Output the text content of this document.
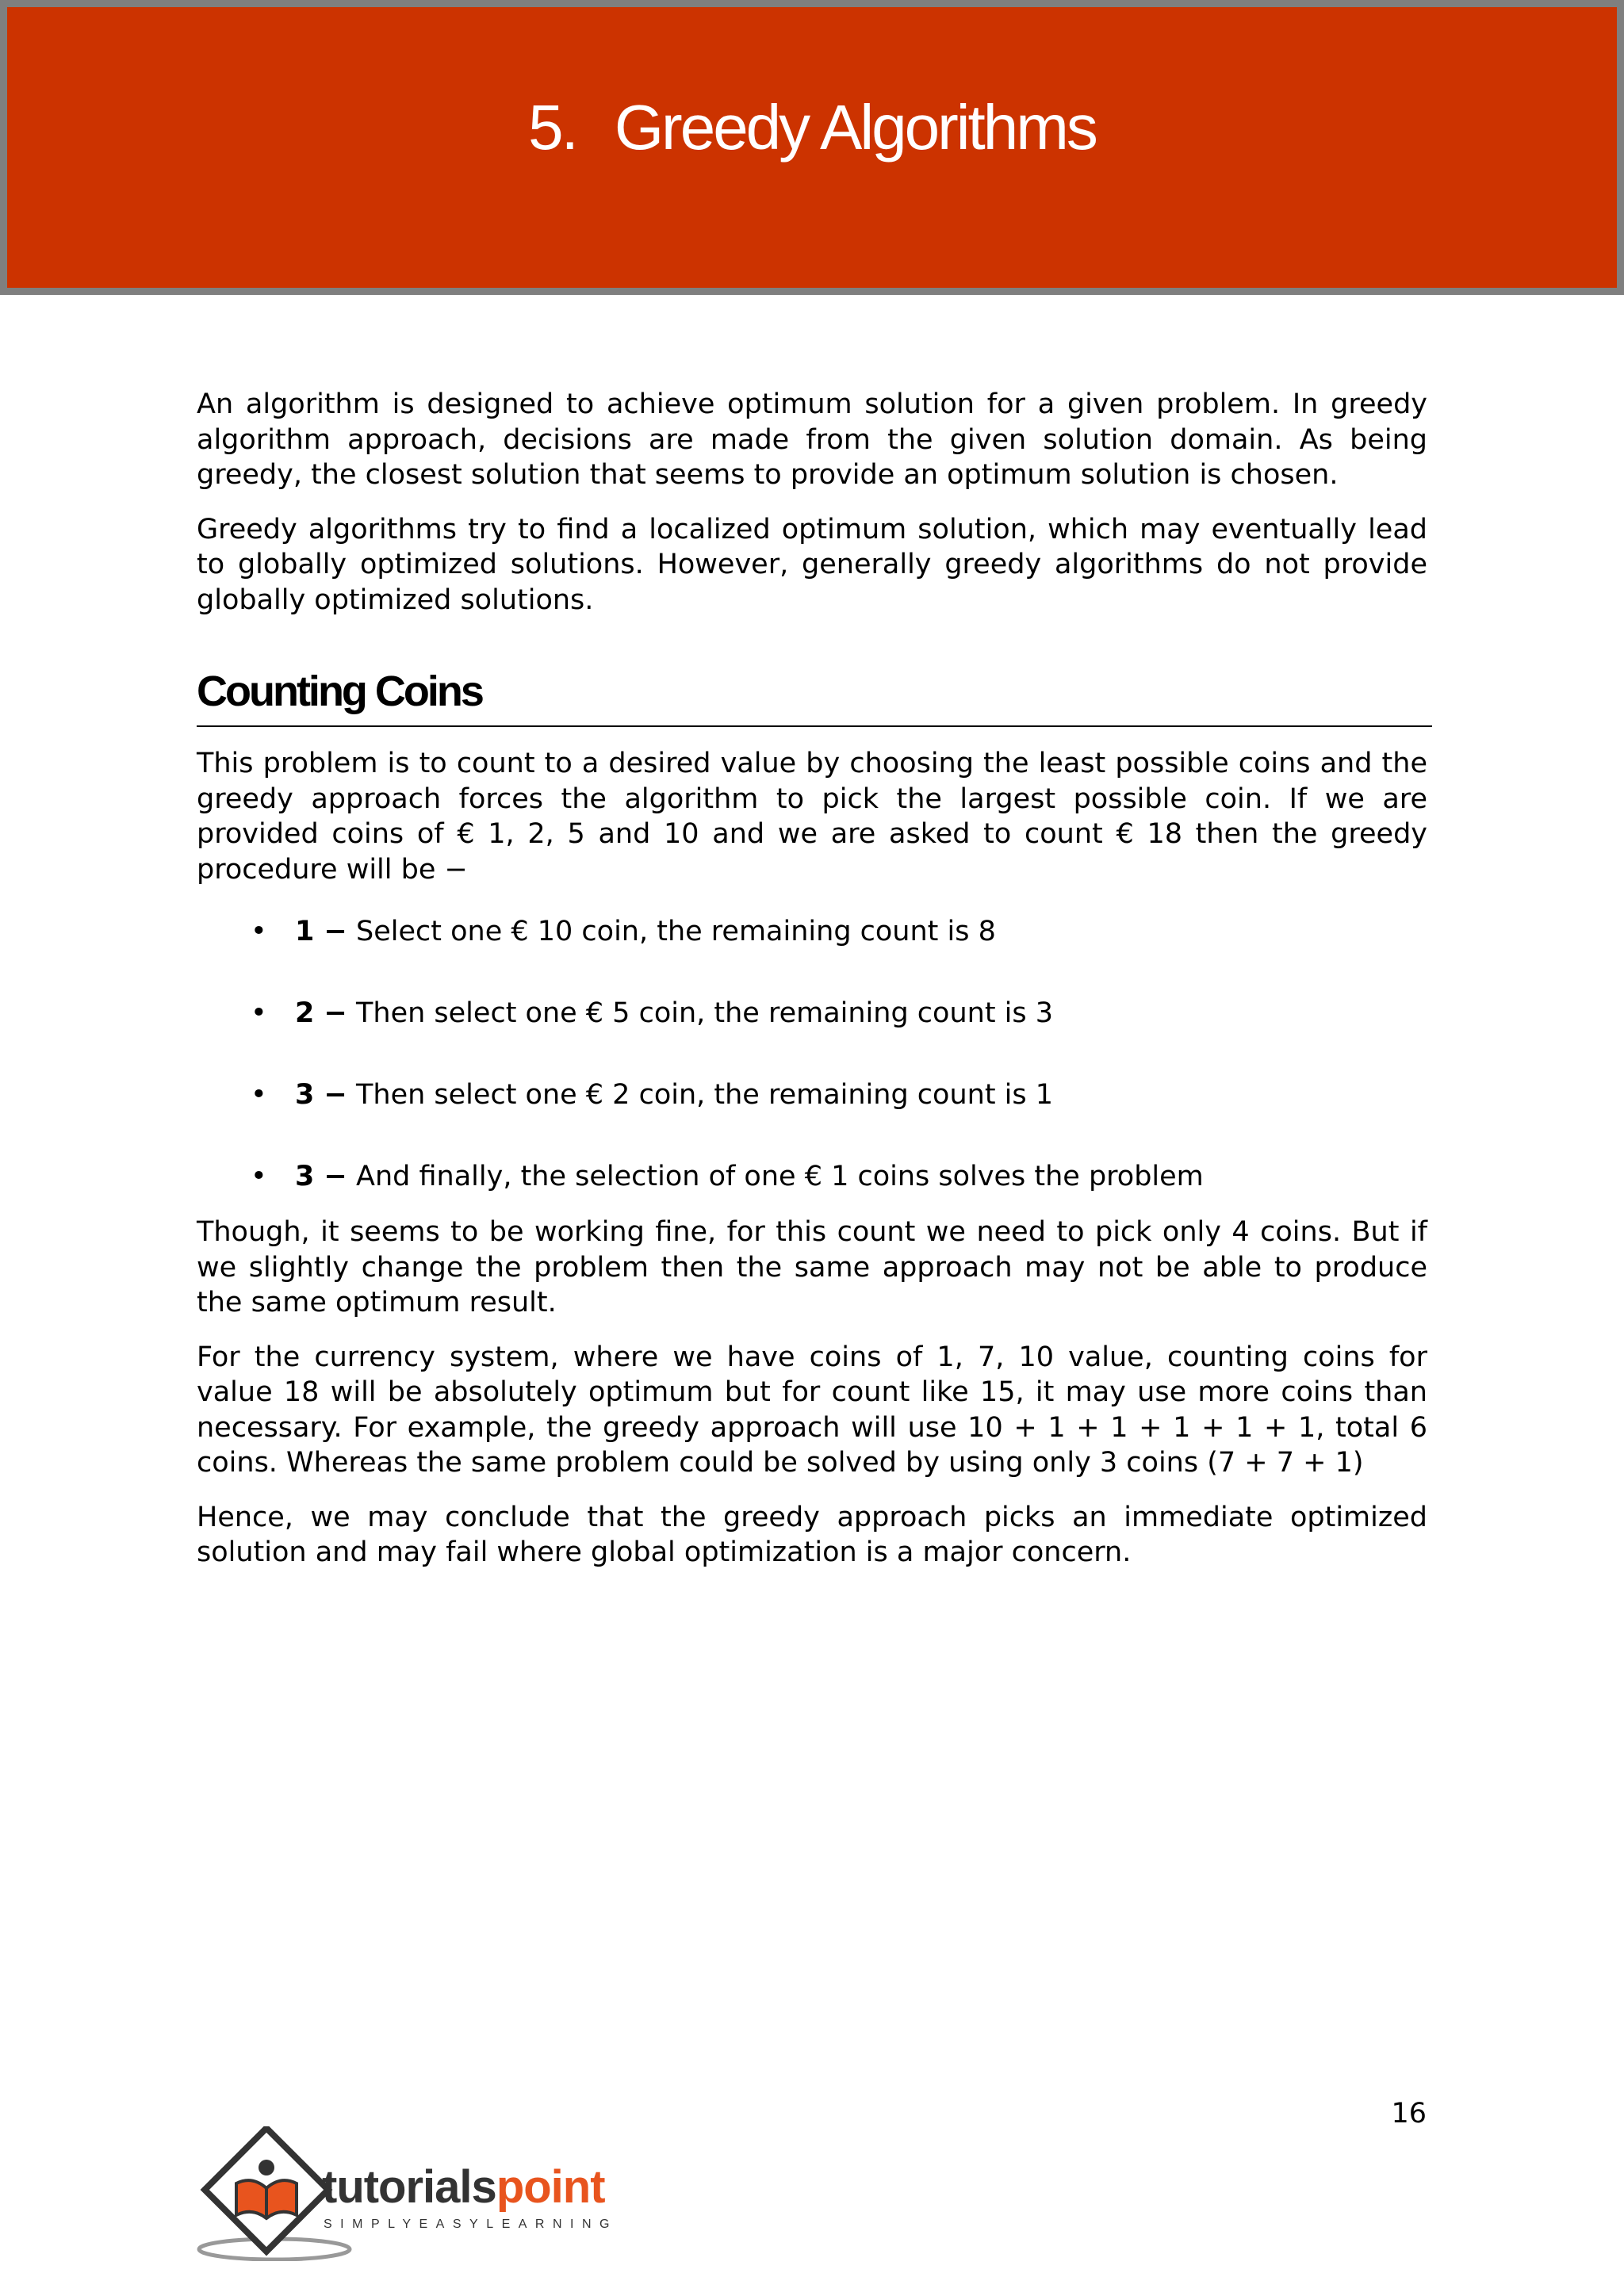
5. Greedy Algorithms

An algorithm is designed to achieve optimum solution for a given problem. In greedy algorithm approach, decisions are made from the given solution domain. As being greedy, the closest solution that seems to provide an optimum solution is chosen.

Greedy algorithms try to find a localized optimum solution, which may eventually lead to globally optimized solutions. However, generally greedy algorithms do not provide globally optimized solutions.

Counting Coins

This problem is to count to a desired value by choosing the least possible coins and the greedy approach forces the algorithm to pick the largest possible coin. If we are provided coins of € 1, 2, 5 and 10 and we are asked to count € 18 then the greedy procedure will be −

• 1 − Select one € 10 coin, the remaining count is 8
• 2 − Then select one € 5 coin, the remaining count is 3
• 3 − Then select one € 2 coin, the remaining count is 1
• 3 − And finally, the selection of one € 1 coins solves the problem

Though, it seems to be working fine, for this count we need to pick only 4 coins. But if we slightly change the problem then the same approach may not be able to produce the same optimum result.

For the currency system, where we have coins of 1, 7, 10 value, counting coins for value 18 will be absolutely optimum but for count like 15, it may use more coins than necessary. For example, the greedy approach will use 10 + 1 + 1 + 1 + 1 + 1, total 6 coins. Whereas the same problem could be solved by using only 3 coins (7 + 7 + 1)

Hence, we may conclude that the greedy approach picks an immediate optimized solution and may fail where global optimization is a major concern.

16
tutorialspoint
SIMPLYEASYLEARNING
